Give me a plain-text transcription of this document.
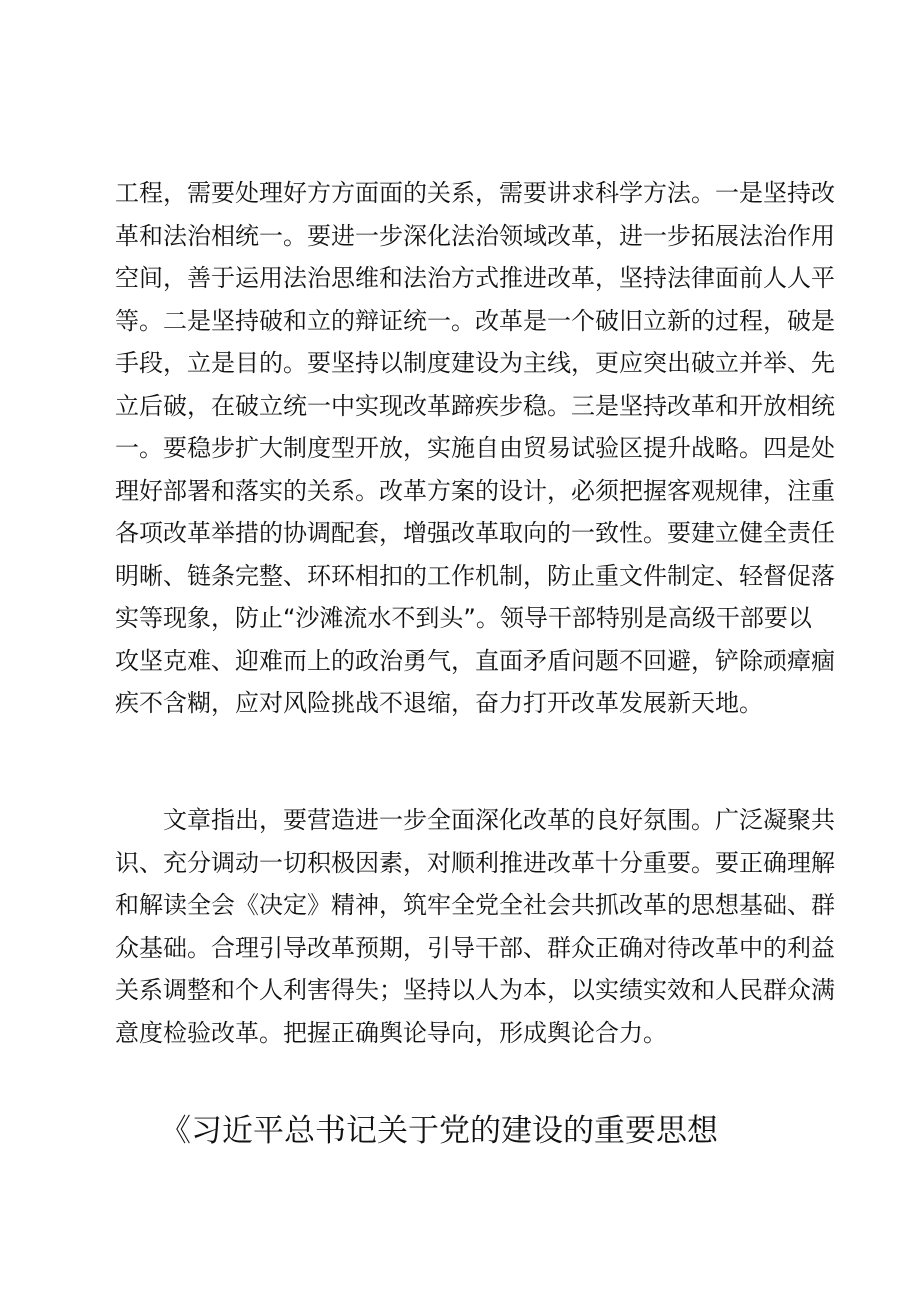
工程，需要处理好方方面面的关系，需要讲求科学方法。一是坚持改
革和法治相统一。要进一步深化法治领域改革，进一步拓展法治作用
空间，善于运用法治思维和法治方式推进改革，坚持法律面前人人平
等。二是坚持破和立的辩证统一。改革是一个破旧立新的过程，破是
手段，立是目的。要坚持以制度建设为主线，更应突出破立并举、先
立后破，在破立统一中实现改革蹄疾步稳。三是坚持改革和开放相统
一。要稳步扩大制度型开放，实施自由贸易试验区提升战略。四是处
理好部署和落实的关系。改革方案的设计，必须把握客观规律，注重
各项改革举措的协调配套，增强改革取向的一致性。要建立健全责任
明晰、链条完整、环环相扣的工作机制，防止重文件制定、轻督促落
实等现象，防止“沙滩流水不到头”。领导干部特别是高级干部要以
攻坚克难、迎难而上的政治勇气，直面矛盾问题不回避，铲除顽瘴痼
疾不含糊，应对风险挑战不退缩，奋力打开改革发展新天地。
文章指出，要营造进一步全面深化改革的良好氛围。广泛凝聚共
识、充分调动一切积极因素，对顺利推进改革十分重要。要正确理解
和解读全会《决定》精神，筑牢全党全社会共抓改革的思想基础、群
众基础。合理引导改革预期，引导干部、群众正确对待改革中的利益
关系调整和个人利害得失；坚持以人为本，以实绩实效和人民群众满
意度检验改革。把握正确舆论导向，形成舆论合力。
《习近平总书记关于党的建设的重要思想
